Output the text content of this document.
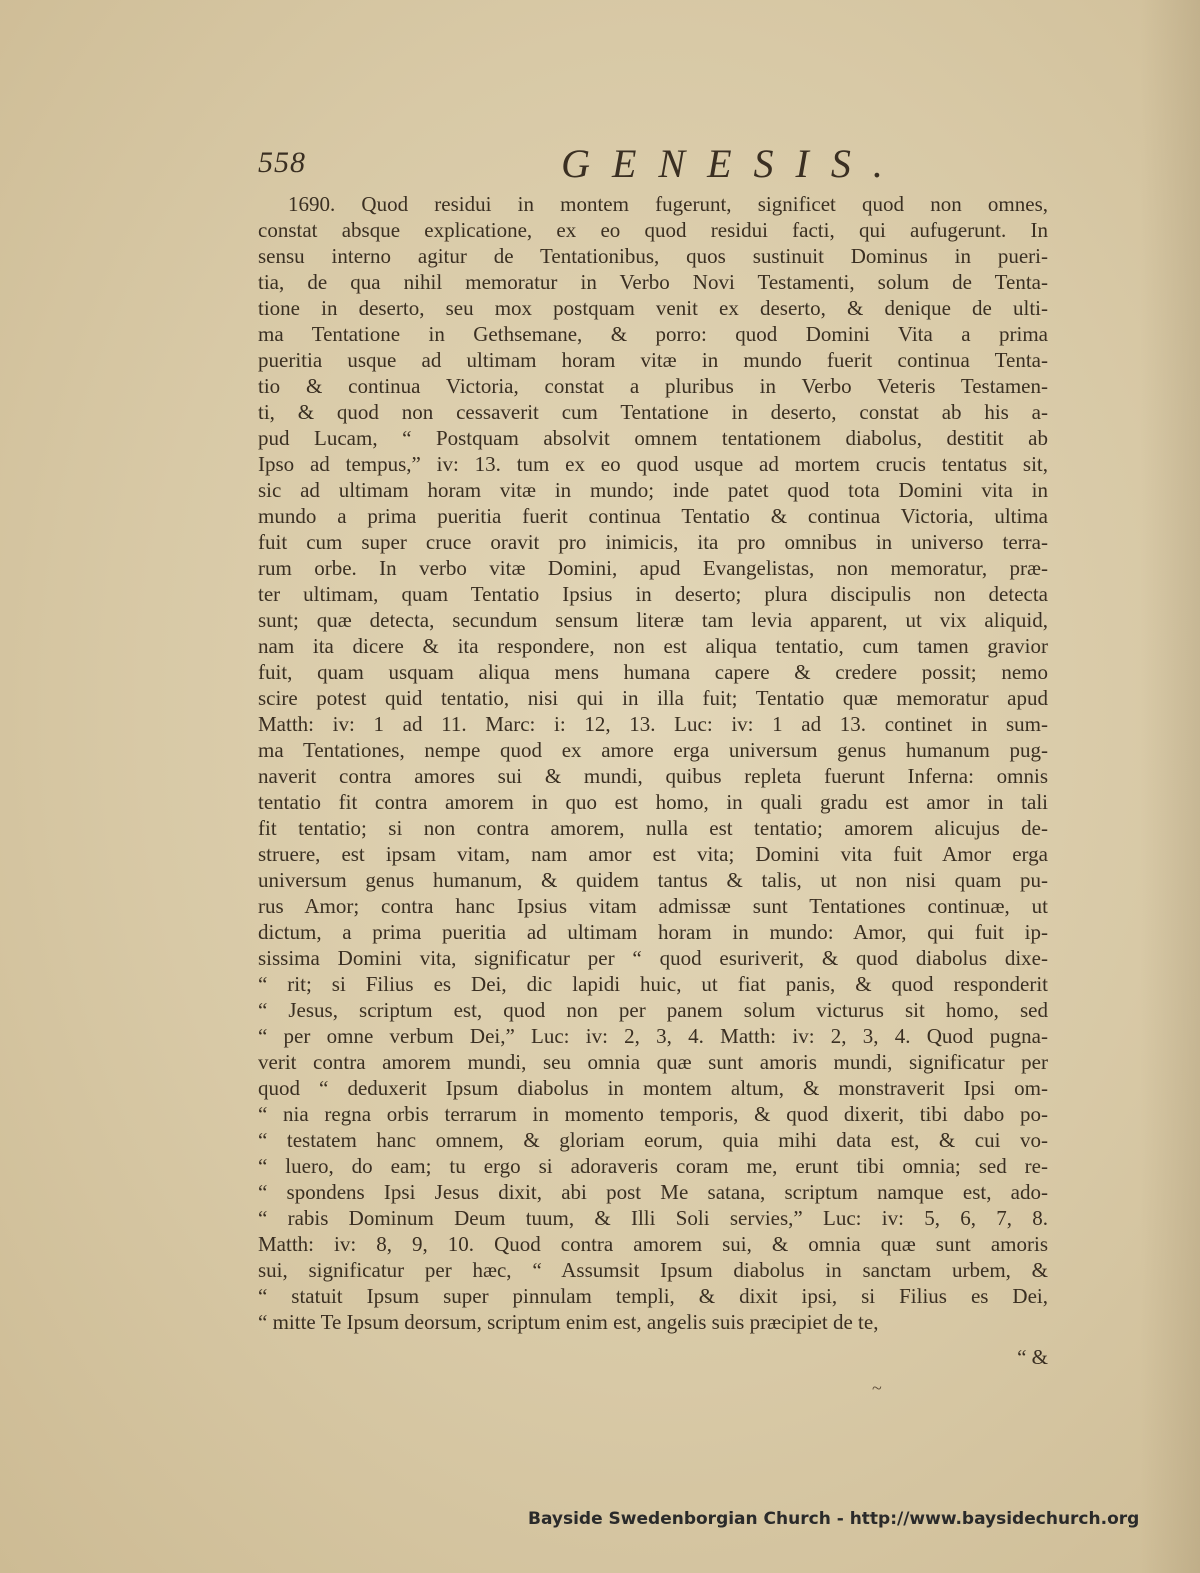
558	GENESIS.
1690. Quod residui in montem fugerunt, significet quod non omnes,
constat absque explicatione, ex eo quod residui facti, qui aufugerunt. In
sensu interno agitur de Tentationibus, quos sustinuit Dominus in pueri-
tia, de qua nihil memoratur in Verbo Novi Testamenti, solum de Tenta-
tione in deserto, seu mox postquam venit ex deserto, & denique de ulti-
ma Tentatione in Gethsemane, & porro: quod Domini Vita a prima
pueritia usque ad ultimam horam vitæ in mundo fuerit continua Tenta-
tio & continua Victoria, constat a pluribus in Verbo Veteris Testamen-
ti, & quod non cessaverit cum Tentatione in deserto, constat ab his a-
pud Lucam, “ Postquam absolvit omnem tentationem diabolus, destitit ab
Ipso ad tempus,” iv: 13. tum ex eo quod usque ad mortem crucis tentatus sit,
sic ad ultimam horam vitæ in mundo; inde patet quod tota Domini vita in
mundo a prima pueritia fuerit continua Tentatio & continua Victoria, ultima
fuit cum super cruce oravit pro inimicis, ita pro omnibus in universo terra-
rum orbe. In verbo vitæ Domini, apud Evangelistas, non memoratur, præ-
ter ultimam, quam Tentatio Ipsius in deserto; plura discipulis non detecta
sunt; quæ detecta, secundum sensum literæ tam levia apparent, ut vix aliquid,
nam ita dicere & ita respondere, non est aliqua tentatio, cum tamen gravior
fuit, quam usquam aliqua mens humana capere & credere possit; nemo
scire potest quid tentatio, nisi qui in illa fuit; Tentatio quæ memoratur apud
Matth: iv: 1 ad 11. Marc: i: 12, 13. Luc: iv: 1 ad 13. continet in sum-
ma Tentationes, nempe quod ex amore erga universum genus humanum pug-
naverit contra amores sui & mundi, quibus repleta fuerunt Inferna: omnis
tentatio fit contra amorem in quo est homo, in quali gradu est amor in tali
fit tentatio; si non contra amorem, nulla est tentatio; amorem alicujus de-
struere, est ipsam vitam, nam amor est vita; Domini vita fuit Amor erga
universum genus humanum, & quidem tantus & talis, ut non nisi quam pu-
rus Amor; contra hanc Ipsius vitam admissæ sunt Tentationes continuæ, ut
dictum, a prima pueritia ad ultimam horam in mundo: Amor, qui fuit ip-
sissima Domini vita, significatur per “ quod esuriverit, & quod diabolus dixe-
“ rit; si Filius es Dei, dic lapidi huic, ut fiat panis, & quod responderit
“ Jesus, scriptum est, quod non per panem solum victurus sit homo, sed
“ per omne verbum Dei,” Luc: iv: 2, 3, 4. Matth: iv: 2, 3, 4. Quod pugna-
verit contra amorem mundi, seu omnia quæ sunt amoris mundi, significatur per
quod “ deduxerit Ipsum diabolus in montem altum, & monstraverit Ipsi om-
“ nia regna orbis terrarum in momento temporis, & quod dixerit, tibi dabo po-
“ testatem hanc omnem, & gloriam eorum, quia mihi data est, & cui vo-
“ luero, do eam; tu ergo si adoraveris coram me, erunt tibi omnia; sed re-
“ spondens Ipsi Jesus dixit, abi post Me satana, scriptum namque est, ado-
“ rabis Dominum Deum tuum, & Illi Soli servies,” Luc: iv: 5, 6, 7, 8.
Matth: iv: 8, 9, 10. Quod contra amorem sui, & omnia quæ sunt amoris
sui, significatur per hæc, “ Assumsit Ipsum diabolus in sanctam urbem, &
“ statuit Ipsum super pinnulam templi, & dixit ipsi, si Filius es Dei,
“ mitte Te Ipsum deorsum, scriptum enim est, angelis suis præcipiet de te,
“ &
~
Bayside Swedenborgian Church - http://www.baysidechurch.org
